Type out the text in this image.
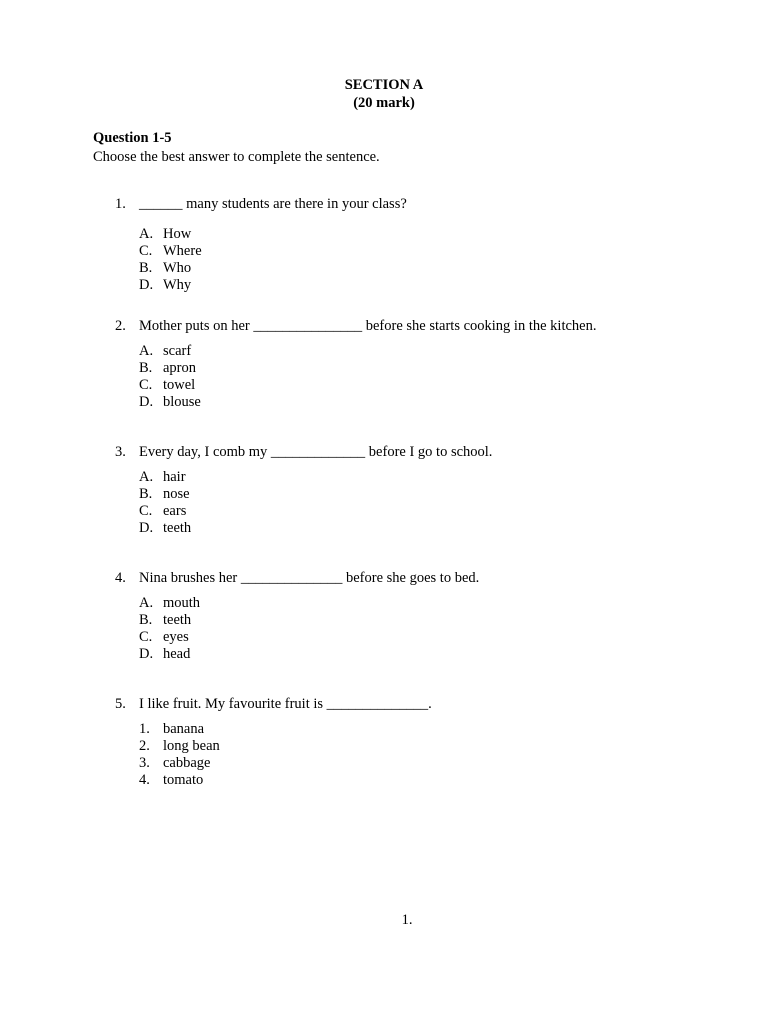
SECTION A
(20 mark)
Question 1-5
Choose the best answer to complete the sentence.
1. ______ many students are there in your class?
A. How
C. Where
B. Who
D. Why
2. Mother puts on her _______________ before she starts cooking in the kitchen.
A. scarf
B. apron
C. towel
D. blouse
3. Every day, I comb my _____________ before I go to school.
A. hair
B. nose
C. ears
D. teeth
4. Nina brushes her ______________ before she goes to bed.
A. mouth
B. teeth
C. eyes
D. head
5. I like fruit. My favourite fruit is ______________.
1. banana
2. long bean
3. cabbage
4. tomato
1.
